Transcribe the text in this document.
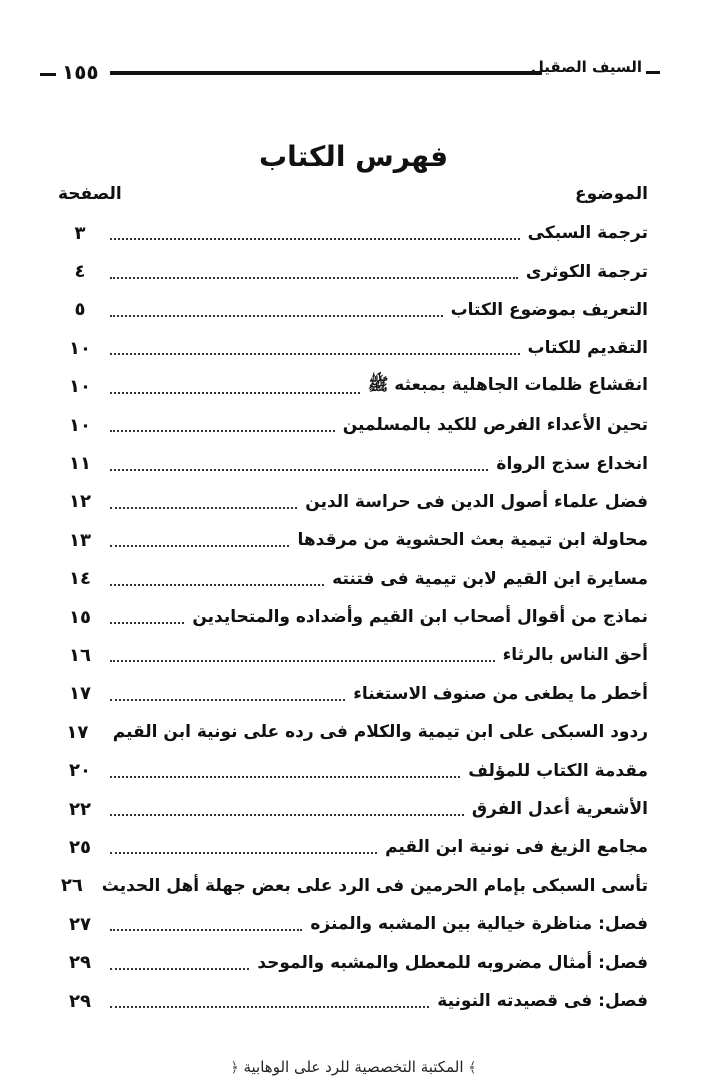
١٥٥	السيف الصقيل
فهرس الكتاب
الموضوع
الصفحة
ترجمة السبكى
٣
ترجمة الكوثرى
٤
التعريف بموضوع الكتاب
٥
التقديم للكتاب
١٠
انقشاع ظلمات الجاهلية بمبعثه ﷺ
١٠
تحين الأعداء الفرص للكيد بالمسلمين
١٠
انخداع سذج الرواة
١١
فضل علماء أصول الدين فى حراسة الدين
١٢
محاولة ابن تيمية بعث الحشوية من مرقدها
١٣
مسايرة ابن القيم لابن تيمية فى فتنته
١٤
نماذج من أقوال أصحاب ابن القيم وأضداده والمتحايدين
١٥
أحق الناس بالرثاء
١٦
أخطر ما يطغى من صنوف الاستغناء
١٧
ردود السبكى على ابن تيمية والكلام فى رده على نونية ابن القيم
١٧
مقدمة الكتاب للمؤلف
٢٠
الأشعرية أعدل الفرق
٢٢
مجامع الزيغ فى نونية ابن القيم
٢٥
تأسى السبكى بإمام الحرمين فى الرد على بعض جهلة أهل الحديث
٢٦
فصل: مناظرة خيالية بين المشبه والمنزه
٢٧
فصل: أمثال مضروبه للمعطل والمشبه والموحد
٢٩
فصل: فى قصيدته النونية
٢٩
﴾ المكتبة التخصصية للرد على الوهابية ﴿
